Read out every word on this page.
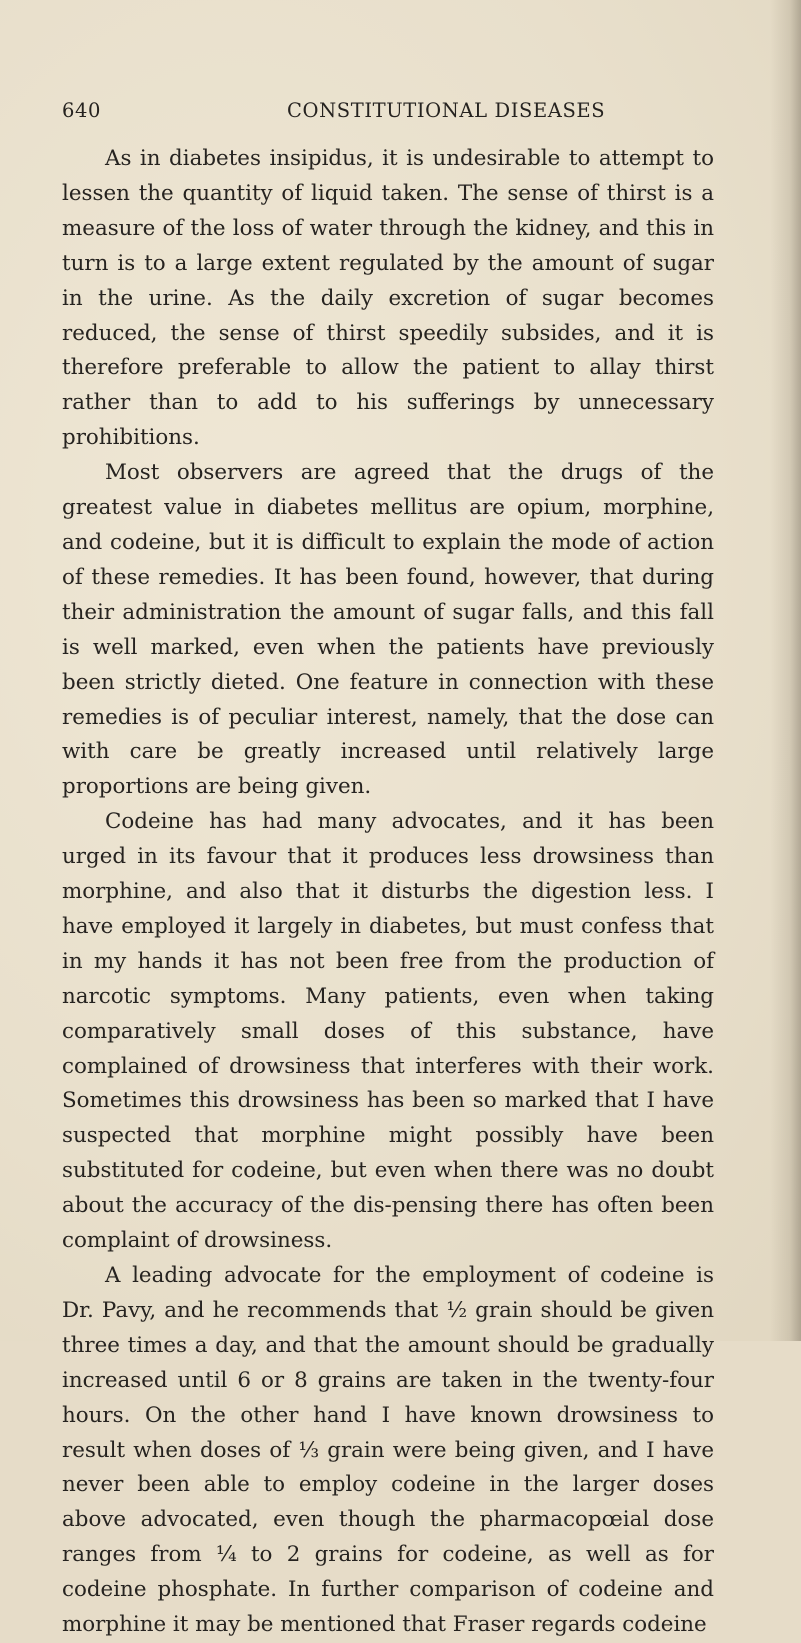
640	CONSTITUTIONAL DISEASES

As in diabetes insipidus, it is undesirable to attempt to lessen the quantity of liquid taken. The sense of thirst is a measure of the loss of water through the kidney, and this in turn is to a large extent regulated by the amount of sugar in the urine. As the daily excretion of sugar becomes reduced, the sense of thirst speedily subsides, and it is therefore preferable to allow the patient to allay thirst rather than to add to his sufferings by unnecessary prohibitions.

Most observers are agreed that the drugs of the greatest value in diabetes mellitus are opium, morphine, and codeine, but it is difficult to explain the mode of action of these remedies. It has been found, however, that during their administration the amount of sugar falls, and this fall is well marked, even when the patients have previously been strictly dieted. One feature in connection with these remedies is of peculiar interest, namely, that the dose can with care be greatly increased until relatively large proportions are being given.

Codeine has had many advocates, and it has been urged in its favour that it produces less drowsiness than morphine, and also that it disturbs the digestion less. I have employed it largely in diabetes, but must confess that in my hands it has not been free from the production of narcotic symptoms. Many patients, even when taking comparatively small doses of this substance, have complained of drowsiness that interferes with their work. Sometimes this drowsiness has been so marked that I have suspected that morphine might possibly have been substituted for codeine, but even when there was no doubt about the accuracy of the dis-pensing there has often been complaint of drowsiness.

A leading advocate for the employment of codeine is Dr. Pavy, and he recommends that ½ grain should be given three times a day, and that the amount should be gradually increased until 6 or 8 grains are taken in the twenty-four hours. On the other hand I have known drowsiness to result when doses of ⅓ grain were being given, and I have never been able to employ codeine in the larger doses above advocated, even though the pharmacopœial dose ranges from ¼ to 2 grains for codeine, as well as for codeine phosphate. In further comparison of codeine and morphine it may be mentioned that Fraser regards codeine
